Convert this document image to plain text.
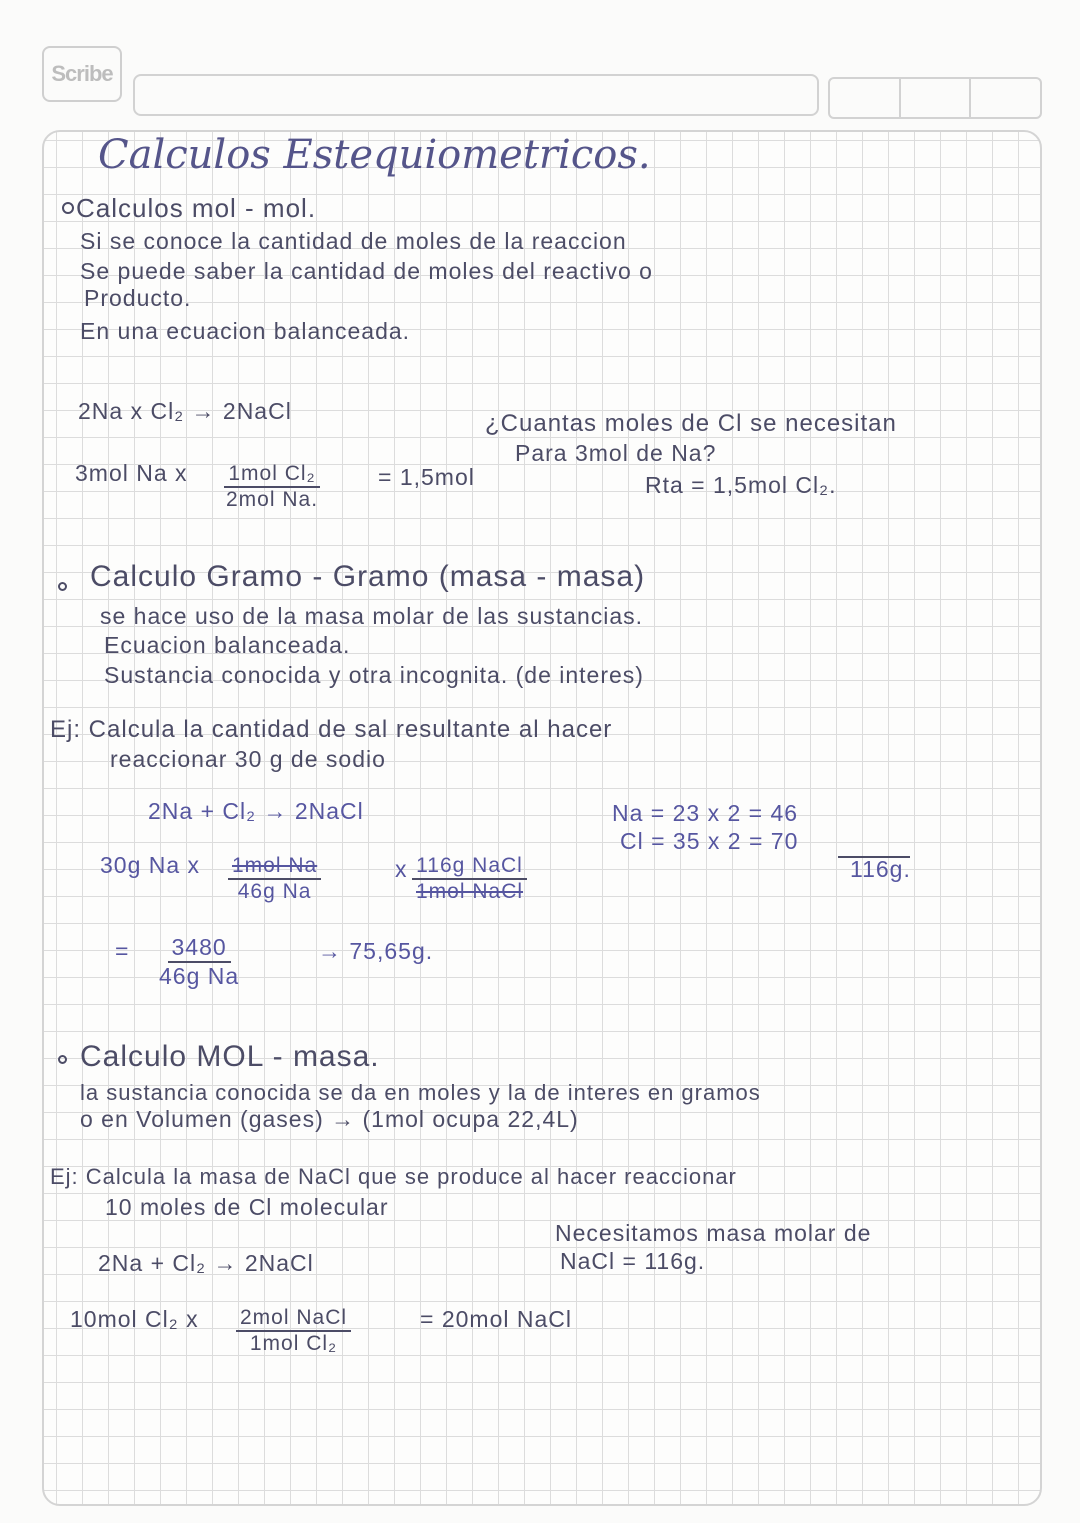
Scribe
Calculos Estequiometricos.
Calculos mol - mol.
Si se conoce la cantidad de moles de la reaccion
Se puede saber la cantidad de moles del reactivo o
Producto.
En una ecuacion balanceada.
2Na x Cl₂ → 2NaCl	¿Cuantas moles de Cl se necesitan
Para 3mol de Na?
3mol Na x 1mol Cl₂
2mol Na.
= 1,5mol	Rta = 1,5mol Cl₂.
Calculo Gramo - Gramo (masa - masa)
se hace uso de la masa molar de las sustancias.
Ecuacion balanceada.
Sustancia conocida y otra incognita. (de interes)
Ej: Calcula la cantidad de sal resultante al hacer
reaccionar 30 g de sodio
2Na + Cl₂ → 2NaCl	Na = 23 x 2 = 46
Cl = 35 x 2 = 70
116g.
30g Na x 1mol Na
46g Na
x 116g NaCl
1mol NaCl
= $\frac{3480}{\text{46g Na}}$	→ 75,65g.
Calculo MOL - masa.
la sustancia conocida se da en moles y la de interes en gramos
o en Volumen (gases) → (1mol ocupa 22,4L)
Ej: Calcula la masa de NaCl que se produce al hacer reaccionar
10 moles de Cl molecular
Necesitamos masa molar de
NaCl = 116g.
2Na + Cl₂ → 2NaCl
10mol Cl₂ x 2mol NaCl
1mol Cl₂
= 20mol NaCl
